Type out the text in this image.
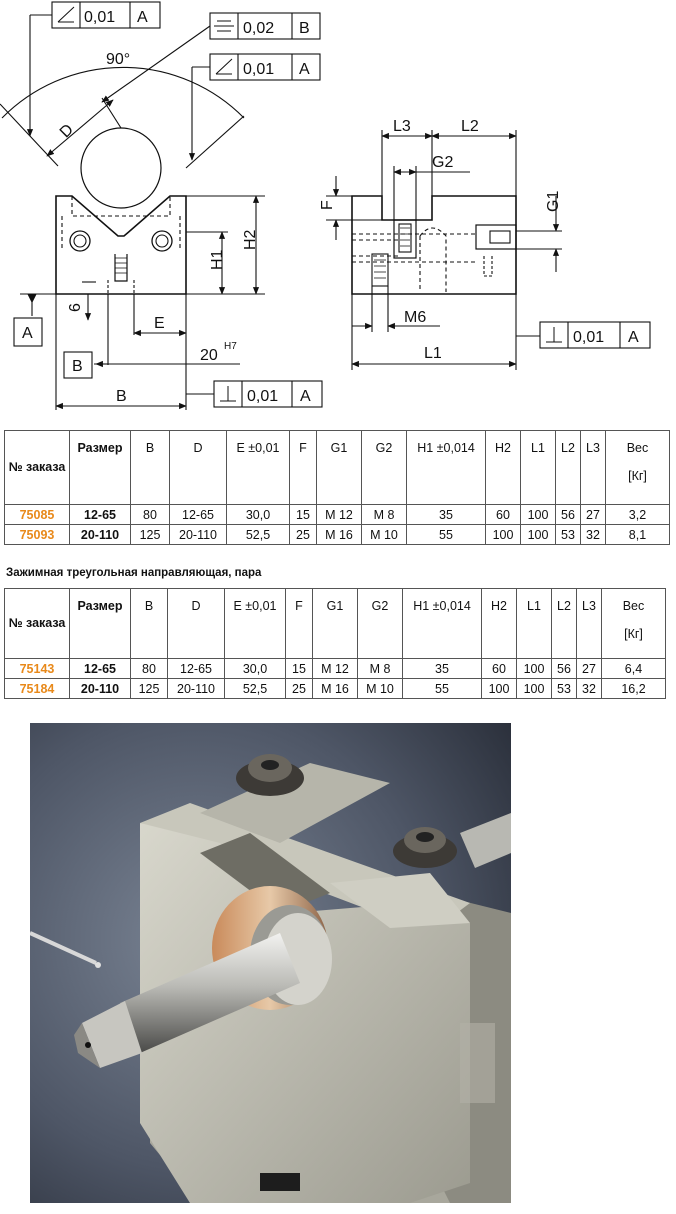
0,01 A
0,02 B
0,01 A
0,01 A
0,01 A
90°
D
H1
H2
6
E
20
H7
B
A
B
L3	L2
G2
G1
F
M6
L1
№ заказа	Размер	B	D	E ±0,01	F	G1	G2	H1 ±0,014	H2	L1	L2	L3	Вес
[Кг]

75085	12-65	80	12-65	30,0	15	M 12	M 8	35	60	100	56	27	3,2
75093	20-110	125	20-110	52,5	25	M 16	M 10	55	100	100	53	32	8,1
Зажимная треугольная направляющая, пара
№ заказа	Размер	B	D	E ±0,01	F	G1	G2	H1 ±0,014	H2	L1	L2	L3	Вес
[Кг]

75143	12-65	80	12-65	30,0	15	M 12	M 8	35	60	100	56	27	6,4
75184	20-110	125	20-110	52,5	25	M 16	M 10	55	100	100	53	32	16,2
